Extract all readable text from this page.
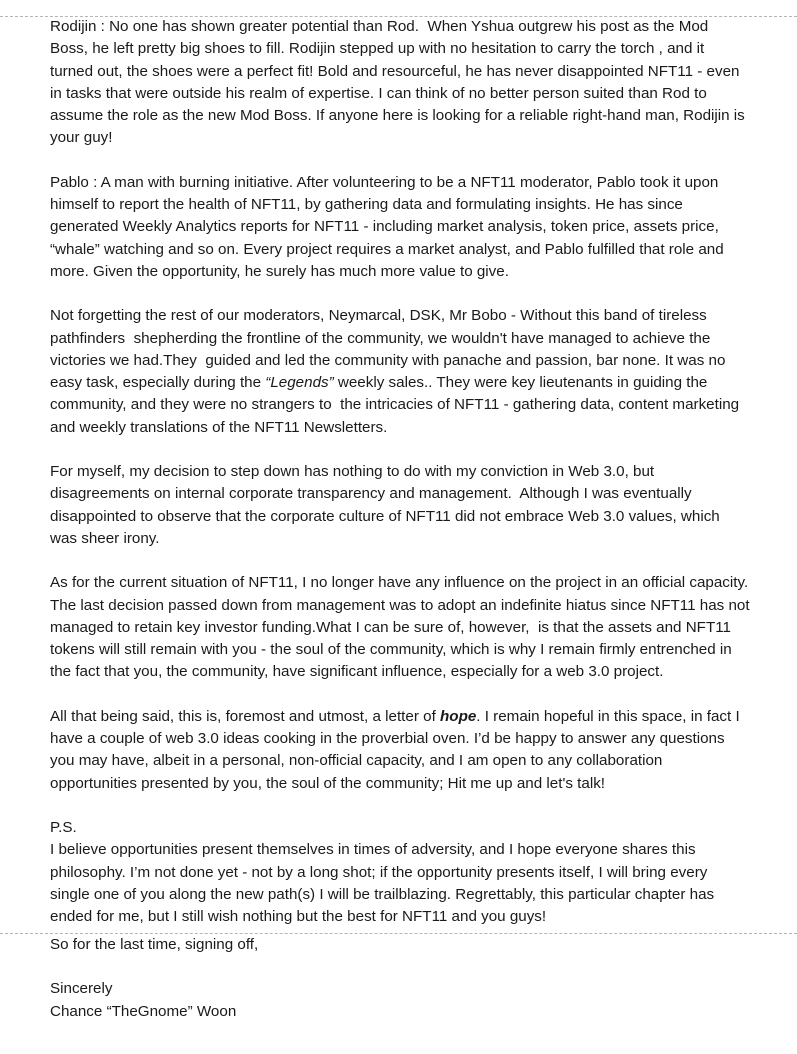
Rodijin : No one has shown greater potential than Rod.  When Yshua outgrew his post as the Mod Boss, he left pretty big shoes to fill. Rodijin stepped up with no hesitation to carry the torch , and it turned out, the shoes were a perfect fit! Bold and resourceful, he has never disappointed NFT11 - even in tasks that were outside his realm of expertise. I can think of no better person suited than Rod to assume the role as the new Mod Boss. If anyone here is looking for a reliable right-hand man, Rodijin is your guy!

Pablo : A man with burning initiative. After volunteering to be a NFT11 moderator, Pablo took it upon himself to report the health of NFT11, by gathering data and formulating insights. He has since generated Weekly Analytics reports for NFT11 - including market analysis, token price, assets price, “whale” watching and so on. Every project requires a market analyst, and Pablo fulfilled that role and more. Given the opportunity, he surely has much more value to give.

Not forgetting the rest of our moderators, Neymarcal, DSK, Mr Bobo - Without this band of tireless pathfinders  shepherding the frontline of the community, we wouldn't have managed to achieve the victories we had.They  guided and led the community with panache and passion, bar none. It was no easy task, especially during the “Legends” weekly sales.. They were key lieutenants in guiding the community, and they were no strangers to  the intricacies of NFT11 - gathering data, content marketing and weekly translations of the NFT11 Newsletters.

For myself, my decision to step down has nothing to do with my conviction in Web 3.0, but disagreements on internal corporate transparency and management.  Although I was eventually disappointed to observe that the corporate culture of NFT11 did not embrace Web 3.0 values, which was sheer irony.

As for the current situation of NFT11, I no longer have any influence on the project in an official capacity. The last decision passed down from management was to adopt an indefinite hiatus since NFT11 has not managed to retain key investor funding.What I can be sure of, however,  is that the assets and NFT11 tokens will still remain with you - the soul of the community, which is why I remain firmly entrenched in the fact that you, the community, have significant influence, especially for a web 3.0 project.

All that being said, this is, foremost and utmost, a letter of hope. I remain hopeful in this space, in fact I have a couple of web 3.0 ideas cooking in the proverbial oven. I’d be happy to answer any questions you may have, albeit in a personal, non-official capacity, and I am open to any collaboration opportunities presented by you, the soul of the community; Hit me up and let's talk!

P.S.

I believe opportunities present themselves in times of adversity, and I hope everyone shares this philosophy. I’m not done yet - not by a long shot; if the opportunity presents itself, I will bring every single one of you along the new path(s) I will be trailblazing. Regrettably, this particular chapter has ended for me, but I still wish nothing but the best for NFT11 and you guys!

So for the last time, signing off,

Sincerely

Chance “TheGnome” Woon
